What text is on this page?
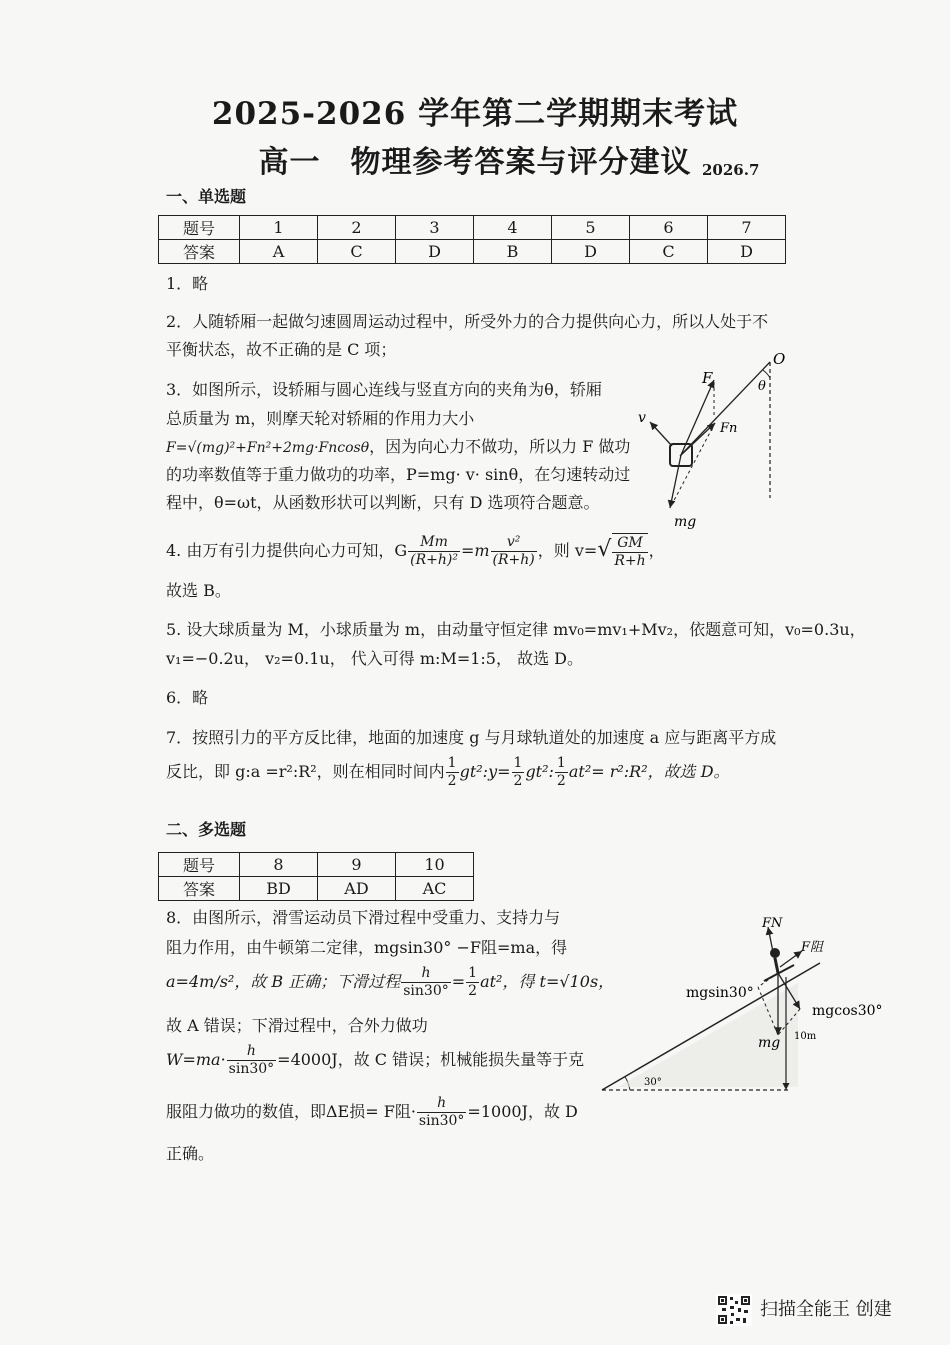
2025-2026 学年第二学期期末考试
高一 物理参考答案与评分建议 2026.7
一、单选题
题号	1	2	3	4	5	6	7
答案	A	C	D	B	D	C	D
1．略
2．人随轿厢一起做匀速圆周运动过程中，所受外力的合力提供向心力，所以人处于不
平衡状态，故不正确的是 C 项；
3．如图所示，设轿厢与圆心连线与竖直方向的夹角为θ，轿厢
总质量为 m，则摩天轮对轿厢的作用力大小
F=√(mg)²+Fn²+2mg·Fncosθ，因为向心力不做功，所以力 F 做功
的功率数值等于重力做功的功率，P=mg· v· sinθ，在匀速转动过
程中，θ=ωt，从函数形状可以判断，只有 D 选项符合题意。
F
O
θ
v
Fn
mg
4. 由万有引力提供向心力可知，G $\frac{Mm}{\text{(R+h)²}} =m \frac{\text{v²}}{(R+h)}$ ，则 $v=√ \frac{GM}{R+h}$ ，
故选 B。
5. 设大球质量为 M，小球质量为 m，由动量守恒定律 mv₀=mv₁+Mv₂，依题意可知，v₀=0.3u，
v₁=−0.2u， v₂=0.1u， 代入可得 m:M=1:5， 故选 D。
6．略
7．按照引力的平方反比律，地面的加速度 g 与月球轨道处的加速度 a 应与距离平方成
反比，即 g:a =r²:R²，则在相同时间内 $\frac{1}{2}$ gt²:y= $\frac{1}{2} gt^2$: $\frac{1}{2} at^2=$ r²:R²，故选 D。
二、多选题
题号	8	9	10
答案	BD	AD	AC
8．由图所示，滑雪运动员下滑过程中受重力、支持力与
阻力作用，由牛顿第二定律，mgsin30° −F阻=ma，得
a=4m/s²，故 B 正确；下滑过程 $\frac{h}{\sin 30^\circ} = \frac{1}{2} at^2$，得 t=√10s，
故 A 错误；下滑过程中，合外力做功
$W=ma\cdot \frac{h}{\sin 30^\circ} =4000J$，故 C 错误；机械能损失量等于克
服阻力做功的数值，即ΔE损= F阻· $\frac{h}{\sin 30^\circ} =1000J$，故 D
正确。
FN
F阻
mgsin30°
mgcos30°
mg 10m
30°
扫描全能王 创建
